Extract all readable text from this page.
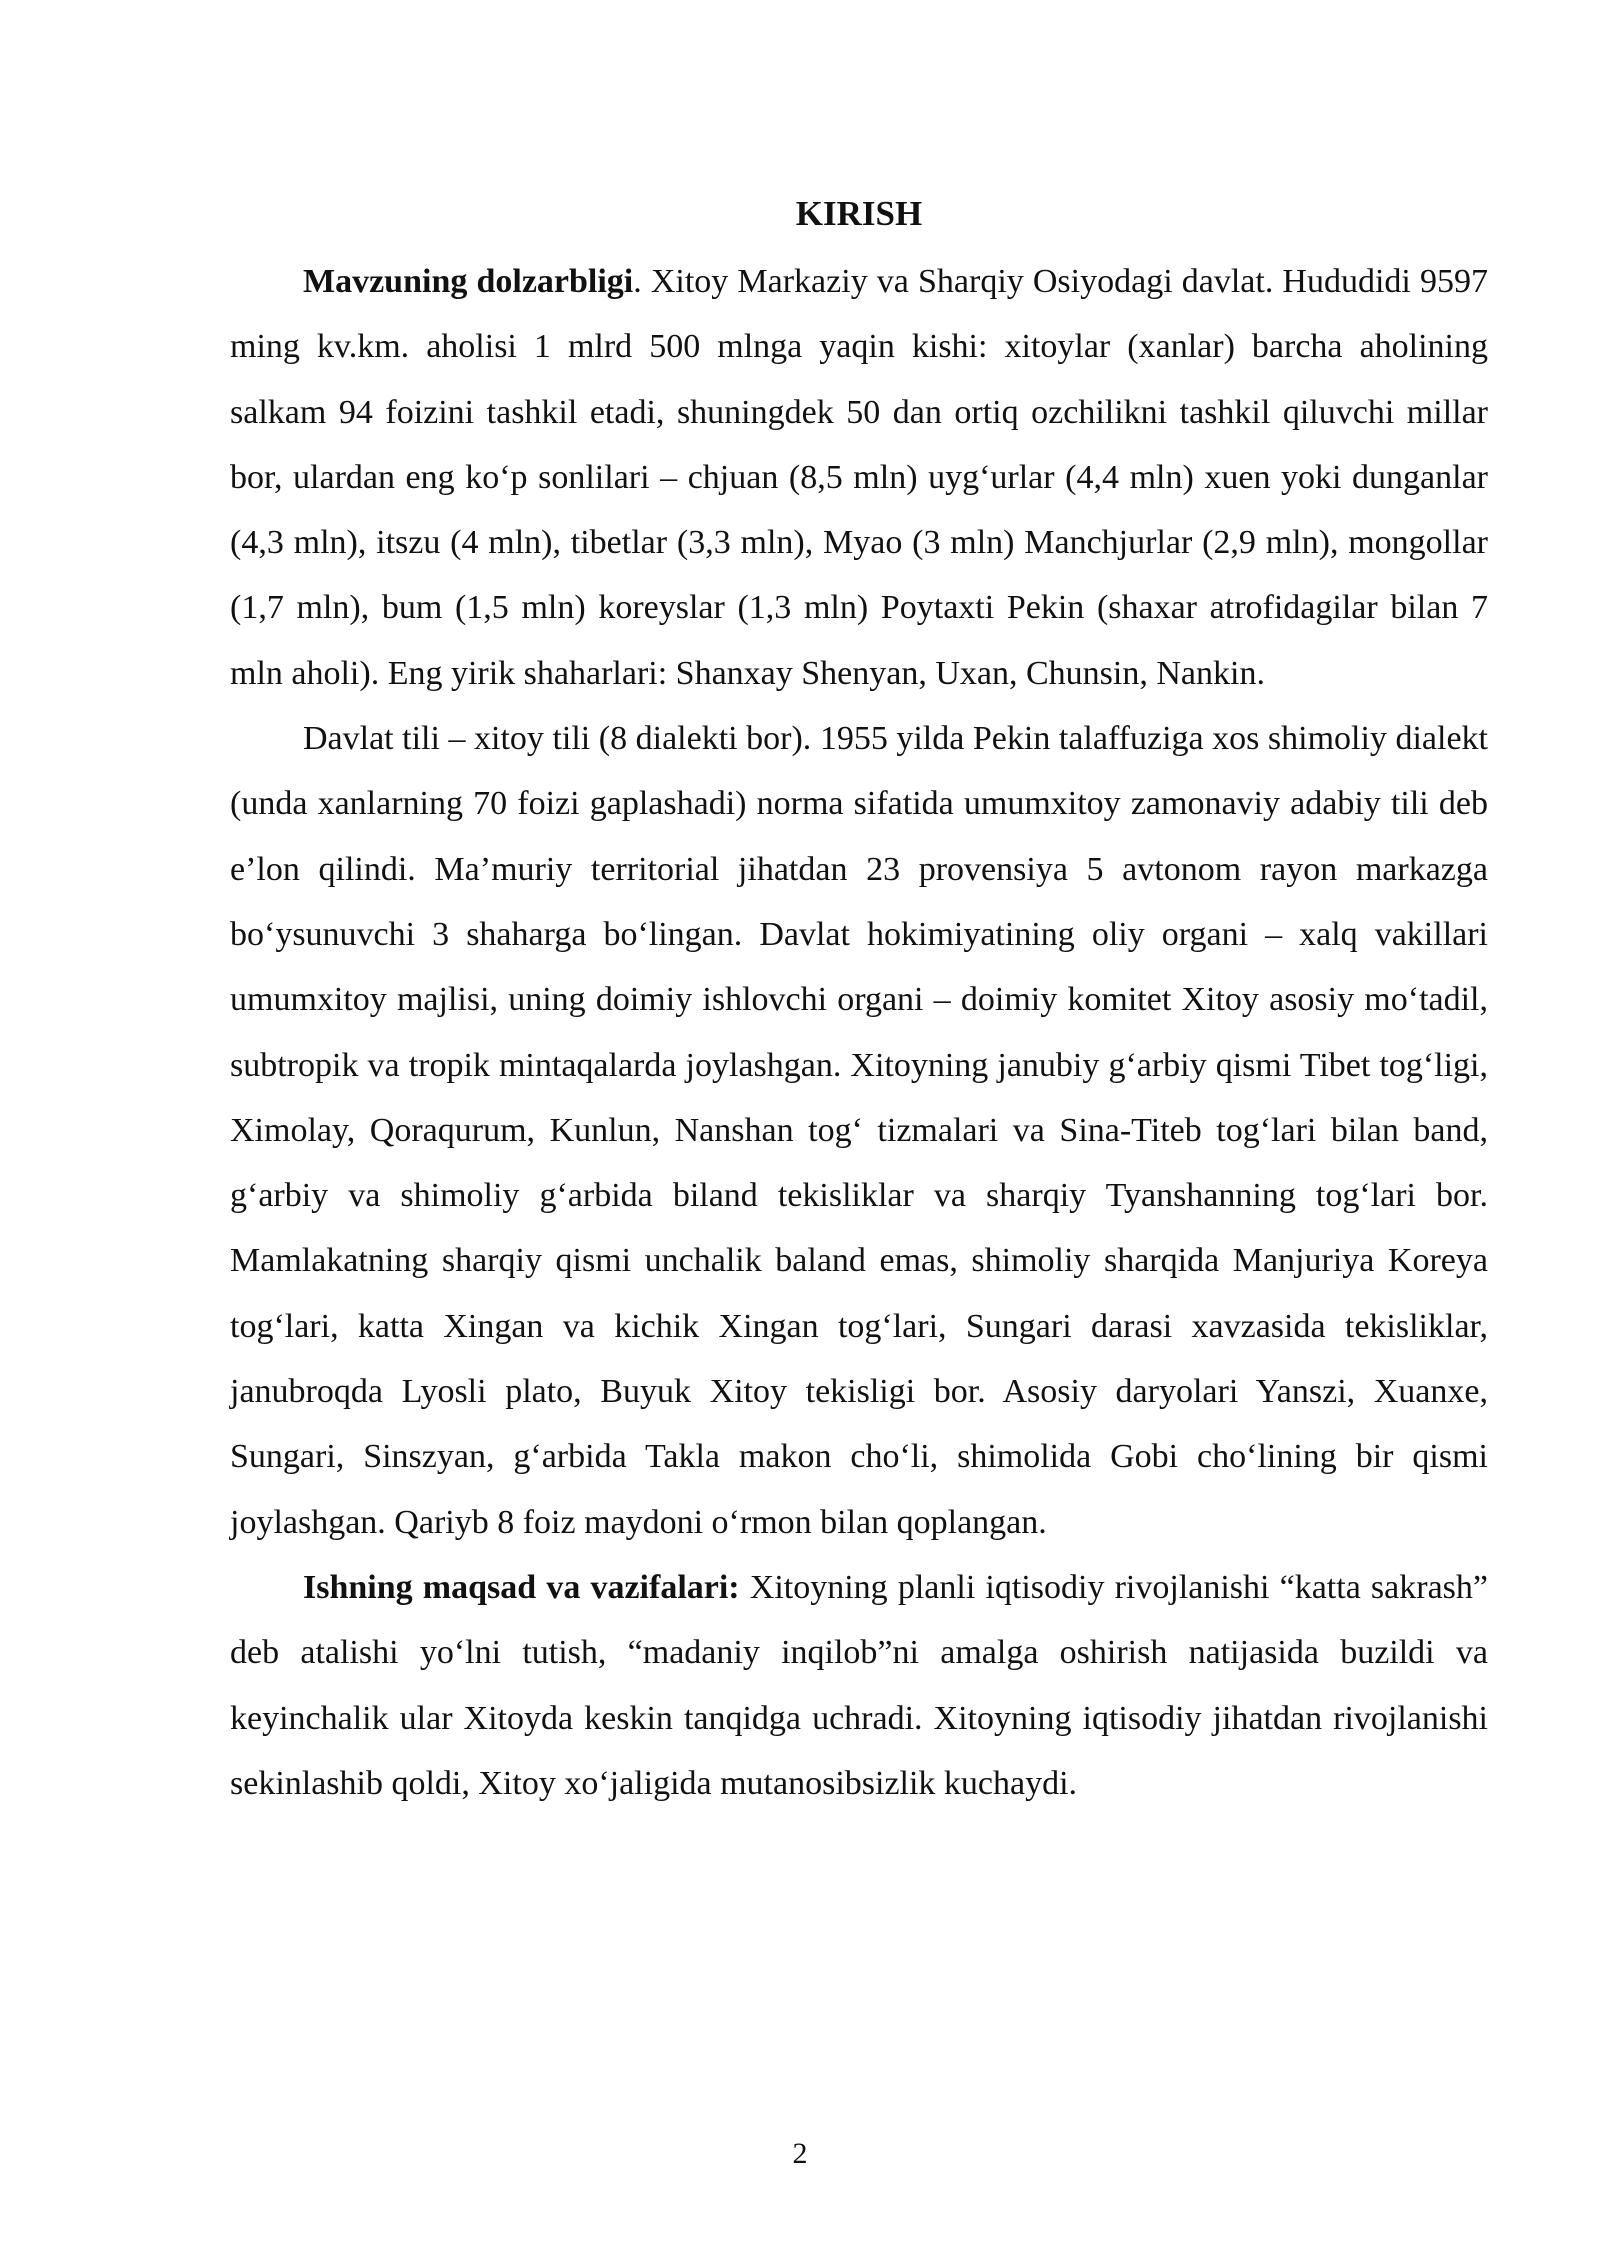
KIRISH

Mavzuning dolzarbligi. Xitoy Markaziy va Sharqiy Osiyodagi davlat. Hududidi 9597 ming kv.km. aholisi 1 mlrd 500 mlnga yaqin kishi: xitoylar (xanlar) barcha aholining salkam 94 foizini tashkil etadi, shuningdek 50 dan ortiq ozchilikni tashkil qiluvchi millar bor, ulardan eng ko‘p sonlilari – chjuan (8,5 mln) uyg‘urlar (4,4 mln) xuen yoki dunganlar (4,3 mln), itszu (4 mln), tibetlar (3,3 mln), Myao (3 mln) Manchjurlar (2,9 mln), mongollar (1,7 mln), bum (1,5 mln) koreyslar (1,3 mln) Poytaxti Pekin (shaxar atrofidagilar bilan 7 mln aholi). Eng yirik shaharlari: Shanxay Shenyan, Uxan, Chunsin, Nankin.

Davlat tili – xitoy tili (8 dialekti bor). 1955 yilda Pekin talaffuziga xos shimoliy dialekt (unda xanlarning 70 foizi gaplashadi) norma sifatida umumxitoy zamonaviy adabiy tili deb e’lon qilindi. Ma’muriy territorial jihatdan 23 provensiya 5 avtonom rayon markazga bo‘ysunuvchi 3 shaharga bo‘lingan. Davlat hokimiyatining oliy organi – xalq vakillari umumxitoy majlisi, uning doimiy ishlovchi organi – doimiy komitet Xitoy asosiy mo‘tadil, subtropik va tropik mintaqalarda joylashgan. Xitoyning janubiy g‘arbiy qismi Tibet tog‘ligi, Ximolay, Qoraqurum, Kunlun, Nanshan tog‘ tizmalari va Sina-Titeb tog‘lari bilan band, g‘arbiy va shimoliy g‘arbida biland tekisliklar va sharqiy Tyanshanning tog‘lari bor. Mamlakatning sharqiy qismi unchalik baland emas, shimoliy sharqida Manjuriya Koreya tog‘lari, katta Xingan va kichik Xingan tog‘lari, Sungari darasi xavzasida tekisliklar, janubroqda Lyosli plato, Buyuk Xitoy tekisligi bor. Asosiy daryolari Yanszi, Xuanxe, Sungari, Sinszyan, g‘arbida Takla makon cho‘li, shimolida Gobi cho‘lining bir qismi joylashgan. Qariyb 8 foiz maydoni o‘rmon bilan qoplangan.

Ishning maqsad va vazifalari: Xitoyning planli iqtisodiy rivojlanishi “katta sakrash” deb atalishi yo‘lni tutish, “madaniy inqilob”ni amalga oshirish natijasida buzildi va keyinchalik ular Xitoyda keskin tanqidga uchradi. Xitoyning iqtisodiy jihatdan rivojlanishi sekinlashib qoldi, Xitoy xo‘jaligida mutanosibsizlik kuchaydi.

2
